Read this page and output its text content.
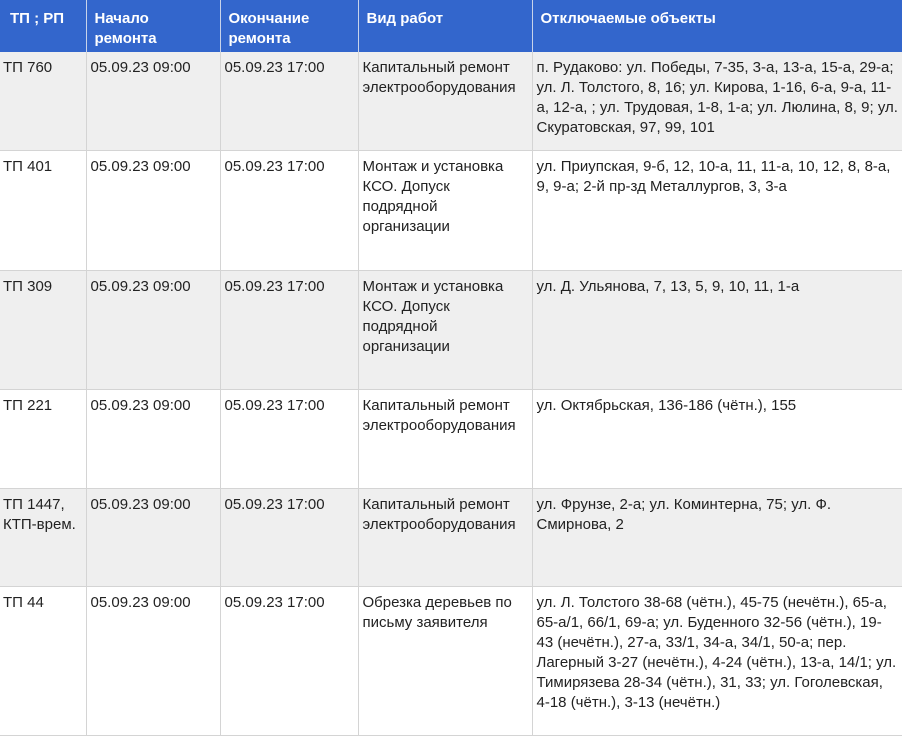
ТП ; РП	Начало ремонта	Окончание ремонта	Вид работ	Отключаемые объекты
ТП 760	05.09.23 09:00	05.09.23 17:00	Капитальный ремонт электрооборудования	п. Рудаково: ул. Победы, 7-35, 3-а, 13-а, 15-а, 29-а; ул. Л. Толстого, 8, 16; ул. Кирова, 1-16, 6-а, 9-а, 11-а, 12-а, ; ул. Трудовая, 1-8, 1-а; ул. Люлина, 8, 9; ул. Скуратовская, 97, 99, 101
ТП 401	05.09.23 09:00	05.09.23 17:00	Монтаж и установка КСО. Допуск подрядной организации	ул. Приупская, 9-б, 12, 10-а, 11, 11-а, 10, 12, 8, 8-а, 9, 9-а; 2-й пр-зд Металлургов, 3, 3-а
ТП 309	05.09.23 09:00	05.09.23 17:00	Монтаж и установка КСО. Допуск подрядной организации	ул. Д. Ульянова, 7, 13, 5, 9, 10, 11, 1-а
ТП 221	05.09.23 09:00	05.09.23 17:00	Капитальный ремонт электрооборудования	ул. Октябрьская, 136-186 (чётн.), 155
ТП 1447, КТП-врем.	05.09.23 09:00	05.09.23 17:00	Капитальный ремонт электрооборудования	ул. Фрунзе, 2-а; ул. Коминтерна, 75; ул. Ф. Смирнова, 2
ТП 44	05.09.23 09:00	05.09.23 17:00	Обрезка деревьев по письму заявителя	ул. Л. Толстого 38-68 (чётн.), 45-75 (нечётн.), 65-а, 65-а/1, 66/1, 69-а; ул. Буденного 32-56 (чётн.), 19-43 (нечётн.), 27-а, 33/1, 34-а, 34/1, 50-а; пер. Лагерный 3-27 (нечётн.), 4-24 (чётн.), 13-а, 14/1; ул. Тимирязева 28-34 (чётн.), 31, 33; ул. Гоголевская, 4-18 (чётн.), 3-13 (нечётн.)
